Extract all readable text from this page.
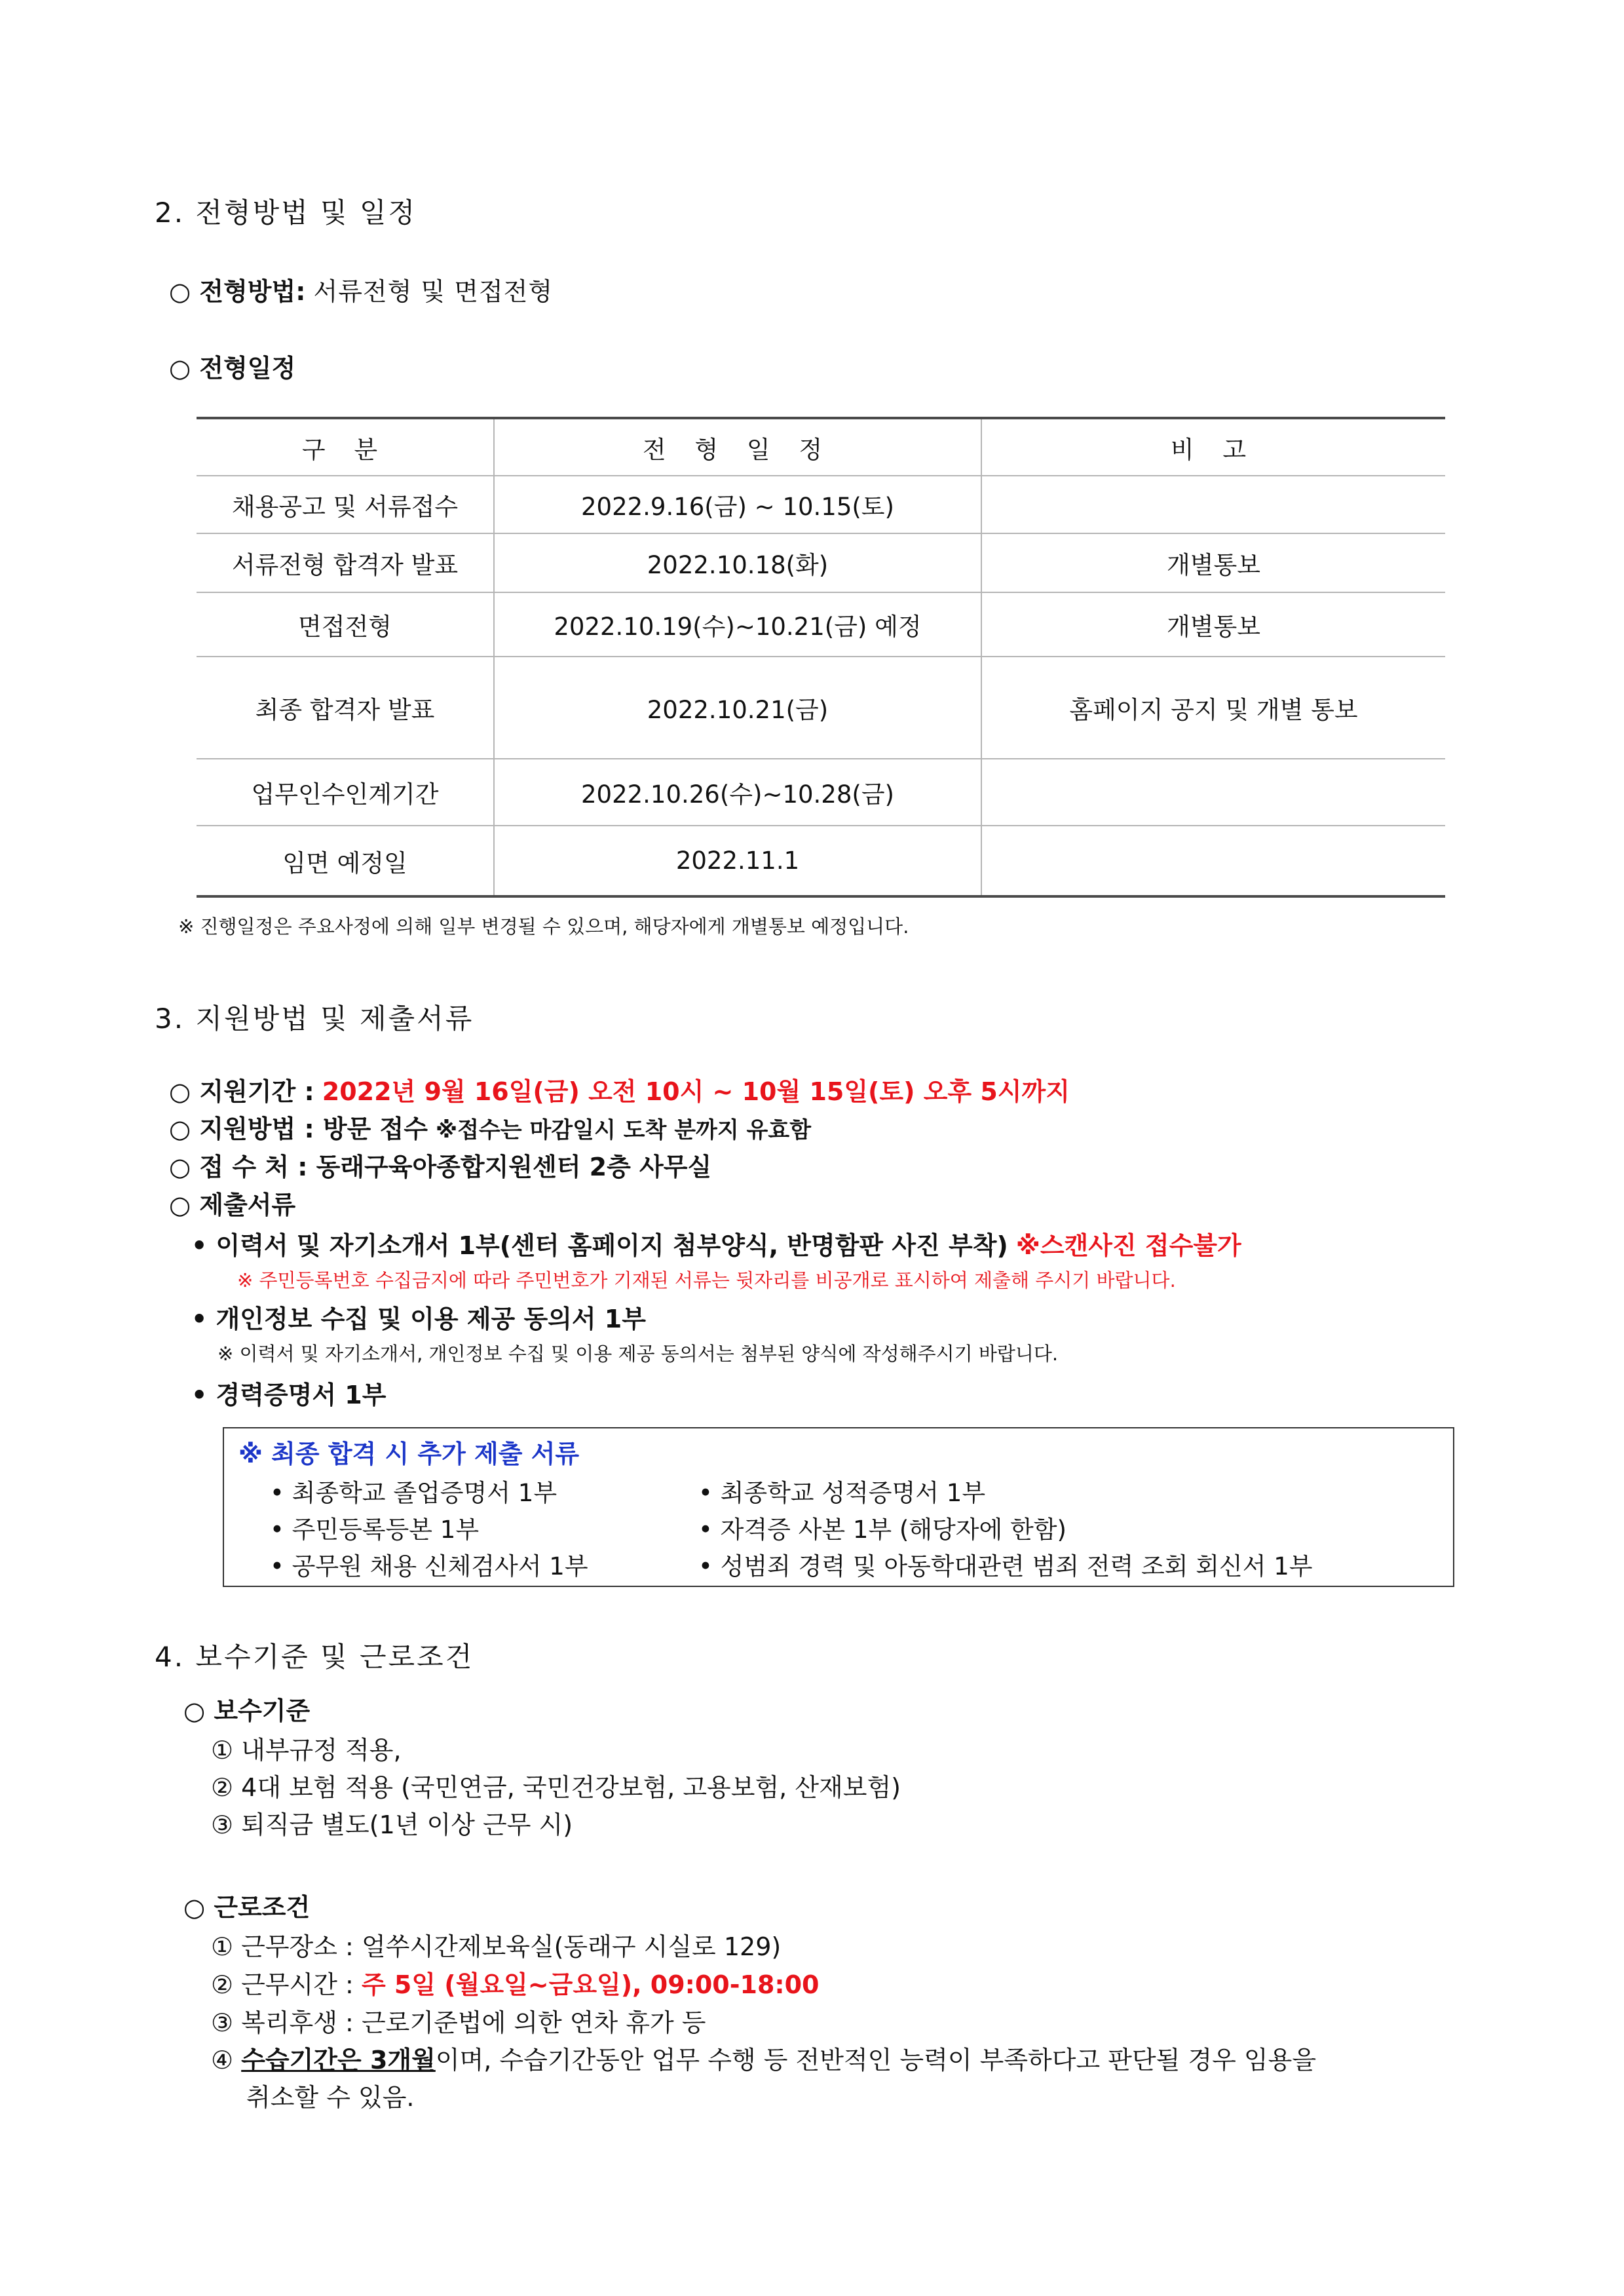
2. 전형방법 및 일정
○ 전형방법: 서류전형 및 면접전형
○ 전형일정
구 분	전 형 일 정	비 고
채용공고 및 서류접수	2022.9.16(금) ~ 10.15(토)	
서류전형 합격자 발표	2022.10.18(화)	개별통보
면접전형	2022.10.19(수)~10.21(금) 예정	개별통보
최종 합격자 발표	2022.10.21(금)	홈페이지 공지 및 개별 통보
업무인수인계기간	2022.10.26(수)~10.28(금)	
임면 예정일	2022.11.1	
※ 진행일정은 주요사정에 의해 일부 변경될 수 있으며, 해당자에게 개별통보 예정입니다.
3. 지원방법 및 제출서류
○ 지원기간 : 2022년 9월 16일(금) 오전 10시 ~ 10월 15일(토) 오후 5시까지
○ 지원방법 : 방문 접수 ※접수는 마감일시 도착 분까지 유효함
○ 접 수 처 : 동래구육아종합지원센터 2층 사무실
○ 제출서류
• 이력서 및 자기소개서 1부(센터 홈페이지 첨부양식, 반명함판 사진 부착) ※스캔사진 접수불가
※ 주민등록번호 수집금지에 따라 주민번호가 기재된 서류는 뒷자리를 비공개로 표시하여 제출해 주시기 바랍니다.
• 개인정보 수집 및 이용 제공 동의서 1부
※ 이력서 및 자기소개서, 개인정보 수집 및 이용 제공 동의서는 첨부된 양식에 작성해주시기 바랍니다.
• 경력증명서 1부
※ 최종 합격 시 추가 제출 서류
• 최종학교 졸업증명서 1부	• 최종학교 성적증명서 1부
• 주민등록등본 1부	• 자격증 사본 1부 (해당자에 한함)
• 공무원 채용 신체검사서 1부	• 성범죄 경력 및 아동학대관련 범죄 전력 조회 회신서 1부
4. 보수기준 및 근로조건
○ 보수기준
① 내부규정 적용,
② 4대 보험 적용 (국민연금, 국민건강보험, 고용보험, 산재보험)
③ 퇴직금 별도(1년 이상 근무 시)
○ 근로조건
① 근무장소 : 얼쑤시간제보육실(동래구 시실로 129)
② 근무시간 : 주 5일 (월요일~금요일), 09:00-18:00
③ 복리후생 : 근로기준법에 의한 연차 휴가 등
④ 수습기간은 3개월이며, 수습기간동안 업무 수행 등 전반적인 능력이 부족하다고 판단될 경우 임용을
취소할 수 있음.
